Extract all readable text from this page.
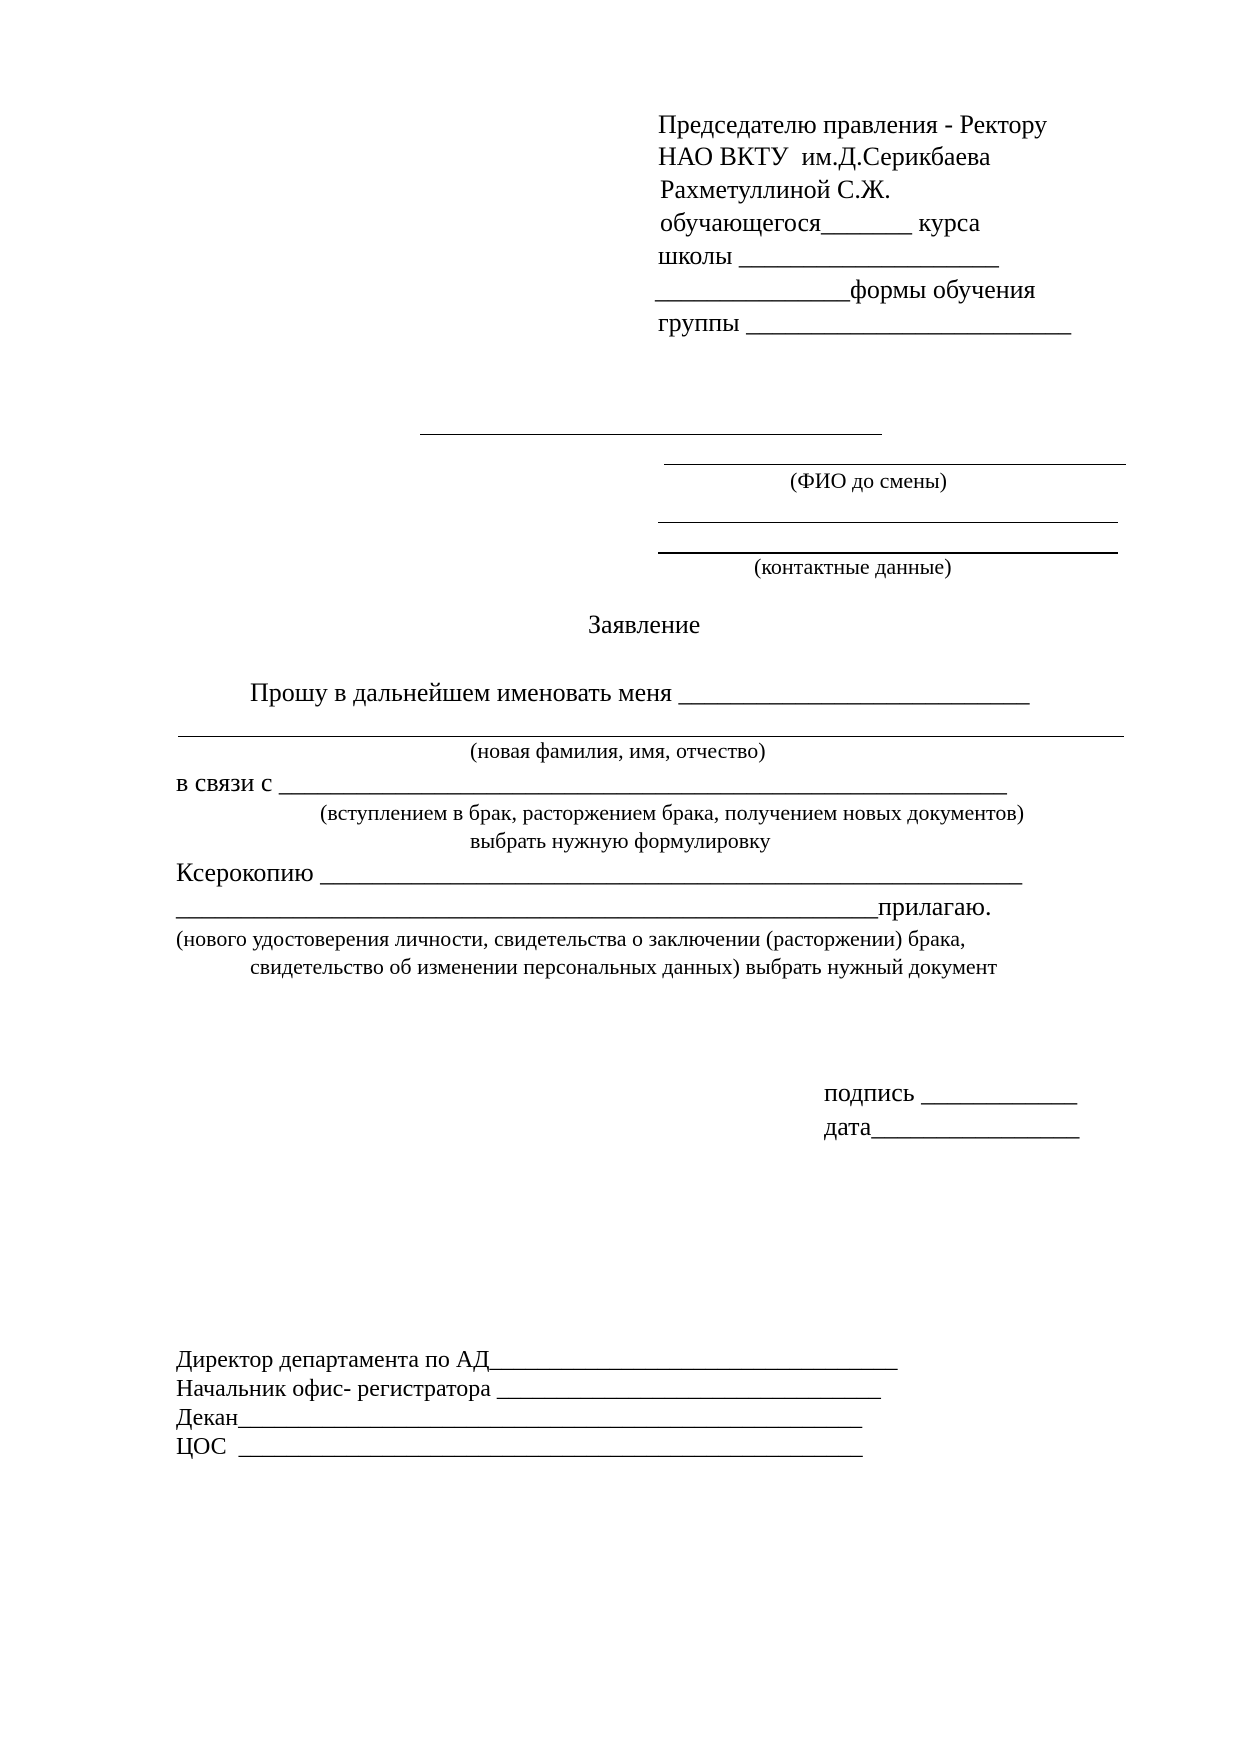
Председателю правления - Ректору
НАО ВКТУ  им.Д.Серикбаева
Рахметуллиной С.Ж.
обучающегося_______ курса
школы ____________________
_______________формы обучения
группы _________________________
(ФИО до смены)
(контактные данные)
Заявление
Прошу в дальнейшем именовать меня ___________________________
(новая фамилия, имя, отчество)
в связи с ________________________________________________________
(вступлением в брак, расторжением брака, получением новых документов)
выбрать нужную формулировку
Ксерокопию ______________________________________________________
______________________________________________________прилагаю.
(нового удостоверения личности, свидетельства о заключении (расторжении) брака,
свидетельство об изменении персональных данных) выбрать нужный документ
подпись ____________
дата________________
Директор департамента по АД__________________________________
Начальник офис- регистратора ________________________________
Декан____________________________________________________
ЦОС  ____________________________________________________
